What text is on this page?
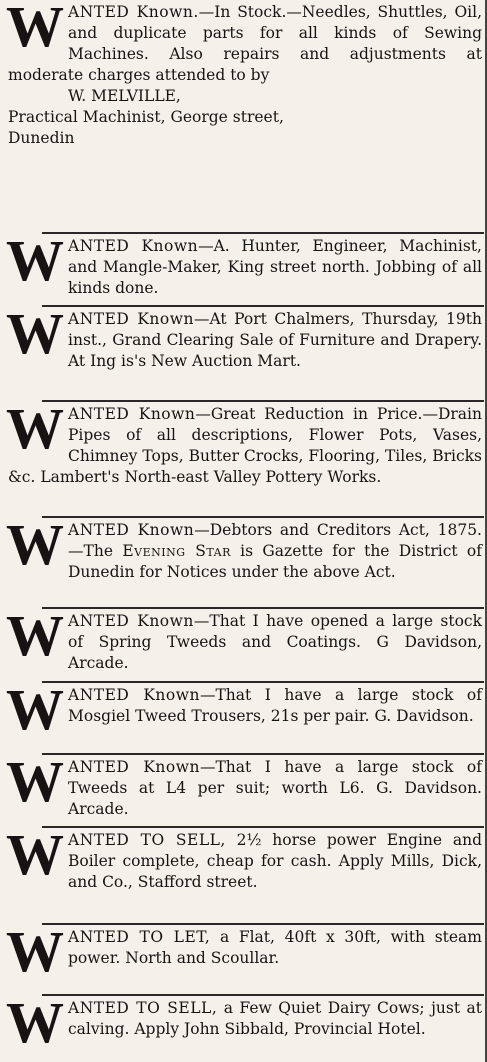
WANTED Known.—In Stock.—Needles, Shuttles, Oil, and duplicate parts for all kinds of Sewing Machines. Also repairs and adjustments at moderate charges attended to by

W. MELVILLE,

Practical Machinist, George street,

Dunedin

WANTED Known—A. Hunter, Engineer, Machinist, and Mangle-Maker, King street north. Jobbing of all kinds done.

WANTED Known—At Port Chalmers, Thursday, 19th inst., Grand Clearing Sale of Furniture and Drapery. At Ing is's New Auction Mart.

WANTED Known—Great Reduction in Price.—Drain Pipes of all descriptions, Flower Pots, Vases, Chimney Tops, Butter Crocks, Flooring, Tiles, Bricks &c. Lambert's North-east Valley Pottery Works.

WANTED Known—Debtors and Creditors Act, 1875.—The Evening Star is Gazette for the District of Dunedin for Notices under the above Act.

WANTED Known—That I have opened a large stock of Spring Tweeds and Coatings. G Davidson, Arcade.

WANTED Known—That I have a large stock of Mosgiel Tweed Trousers, 21s per pair. G. Davidson.

WANTED Known—That I have a large stock of Tweeds at L4 per suit; worth L6. G. Davidson. Arcade.

WANTED TO SELL, 2½ horse power Engine and Boiler complete, cheap for cash. Apply Mills, Dick, and Co., Stafford street.

WANTED TO LET, a Flat, 40ft x 30ft, with steam power. North and Scoullar.

WANTED TO SELL, a Few Quiet Dairy Cows; just at calving. Apply John Sibbald, Provincial Hotel.
